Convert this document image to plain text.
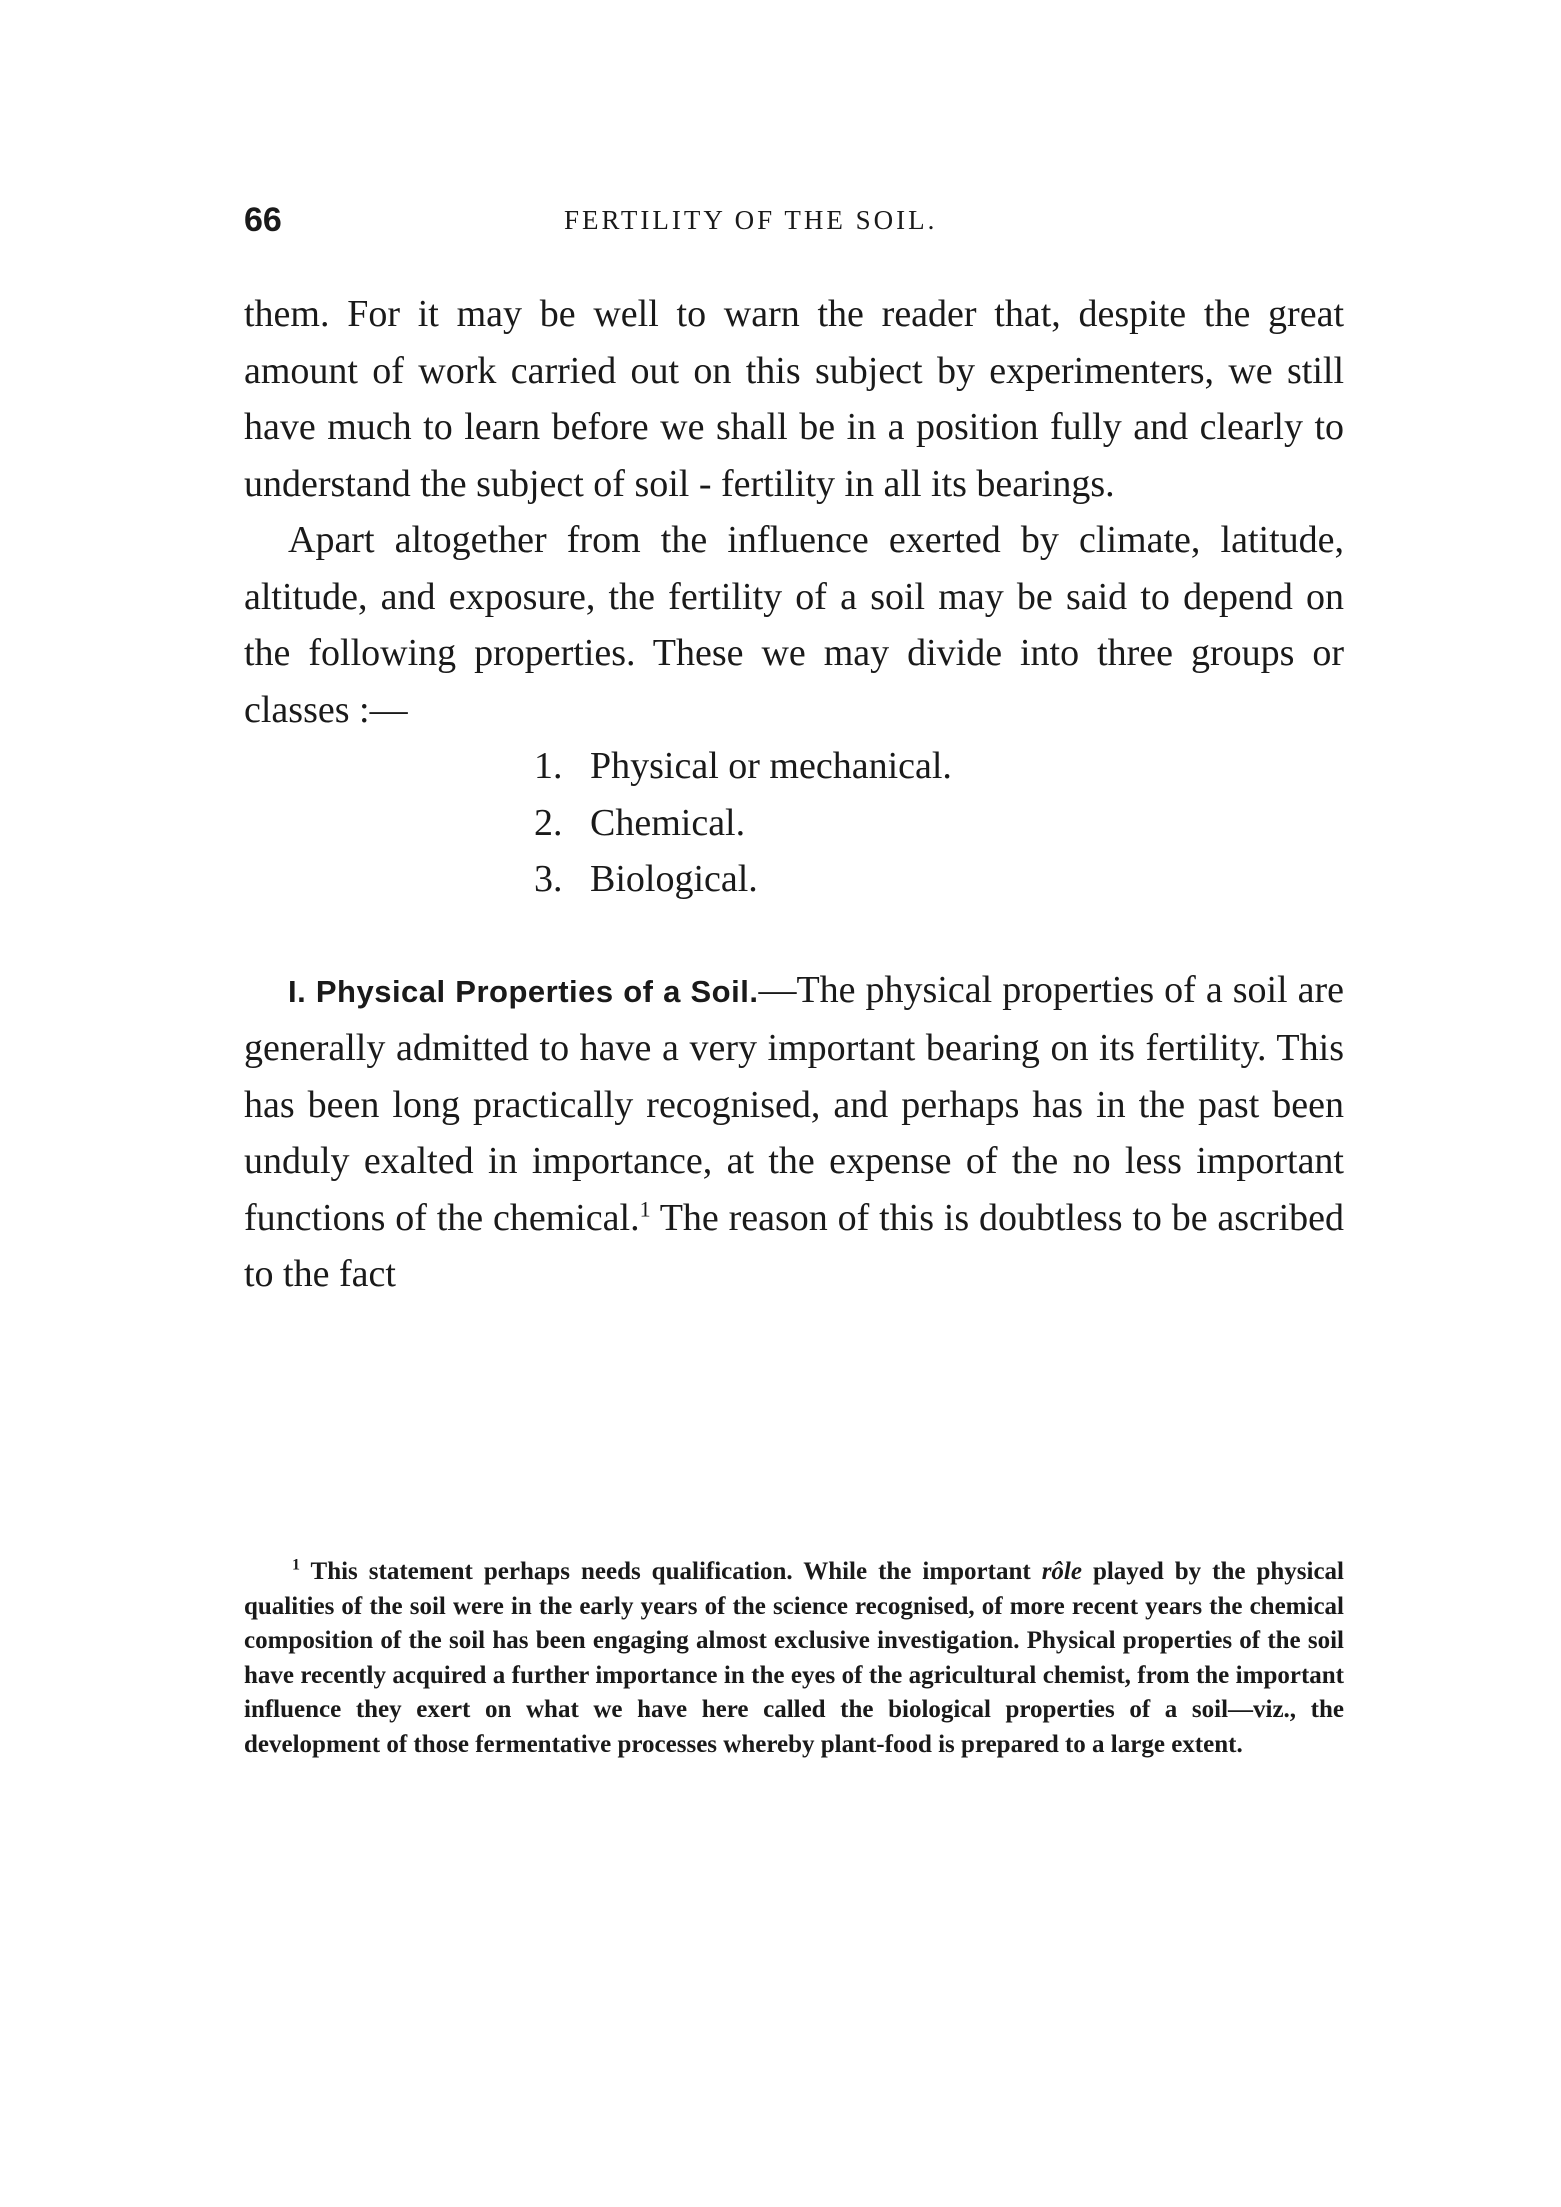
66	FERTILITY OF THE SOIL.

them. For it may be well to warn the reader that, despite the great amount of work carried out on this subject by experimenters, we still have much to learn before we shall be in a position fully and clearly to understand the subject of soil - fertility in all its bearings.

Apart altogether from the influence exerted by climate, latitude, altitude, and exposure, the fertility of a soil may be said to depend on the following properties. These we may divide into three groups or classes :—

1. Physical or mechanical.
2. Chemical.
3. Biological.

I. Physical Properties of a Soil.—The physical properties of a soil are generally admitted to have a very important bearing on its fertility. This has been long practically recognised, and perhaps has in the past been unduly exalted in importance, at the expense of the no less important functions of the chemical.$^1$ The reason of this is doubtless to be ascribed to the fact

$^1$ This statement perhaps needs qualification. While the important rôle played by the physical qualities of the soil were in the early years of the science recognised, of more recent years the chemical composition of the soil has been engaging almost exclusive investigation. Physical properties of the soil have recently acquired a further importance in the eyes of the agricultural chemist, from the important influence they exert on what we have here called the biological properties of a soil—viz., the development of those fermentative processes whereby plant-food is prepared to a large extent.
